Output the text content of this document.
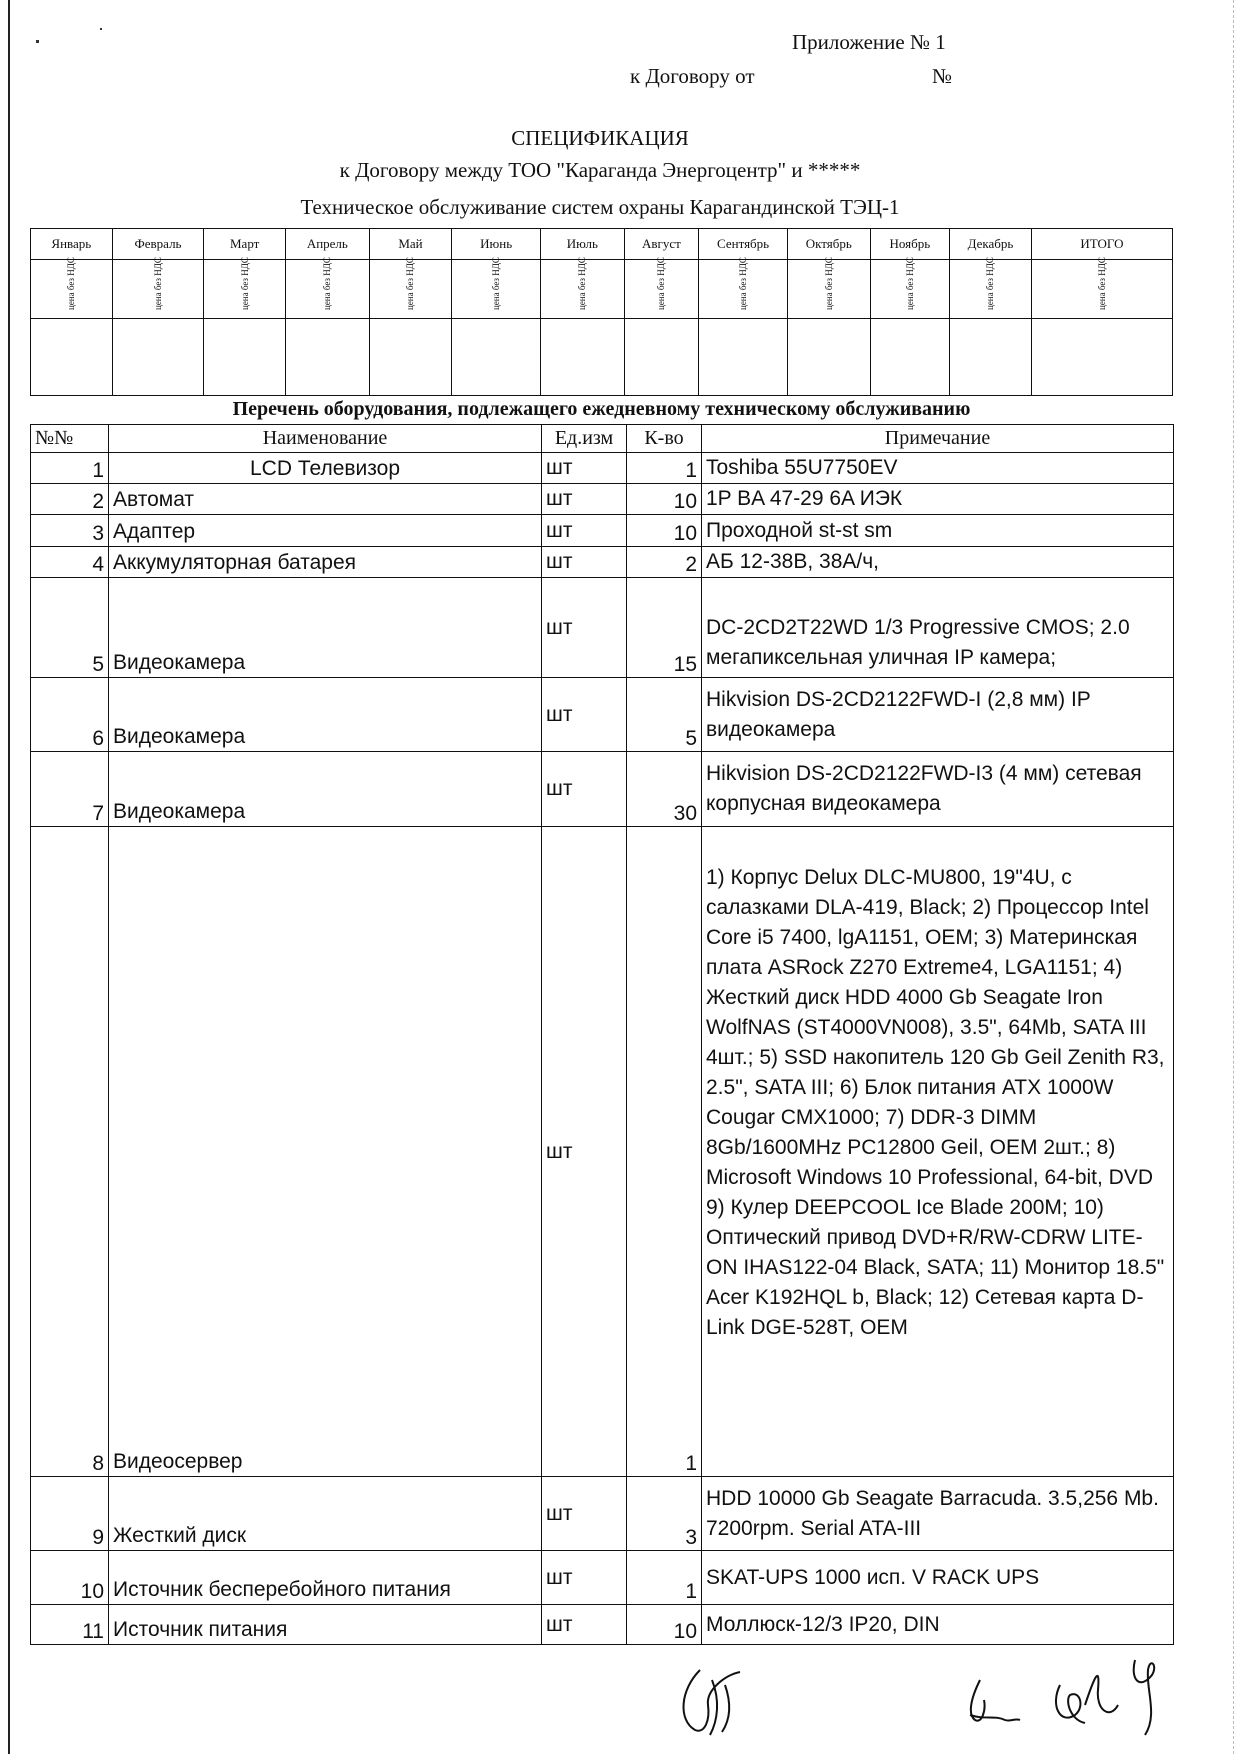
Приложение № 1
к Договору от	№
СПЕЦИФИКАЦИЯ
к Договору между ТОО "Караганда Энергоцентр" и *****
Техническое обслуживание систем охраны Карагандинской ТЭЦ-1
Январь	Февраль	Март	Апрель	Май	Июнь	Июль	Август	Сентябрь	Октябрь	Ноябрь	Декабрь	ИТОГО
цена без НДС	цена без НДС	цена без НДС	цена без НДС	цена без НДС	цена без НДС	цена без НДС	цена без НДС	цена без НДС	цена без НДС	цена без НДС	цена без НДС	цена без НДС

Перечень оборудования, подлежащего ежедневному техническому обслуживанию
№№	Наименование	Ед.изм	К-во	Примечание
1	LCD Телевизор	шт	1	Toshiba 55U7750EV
2	Автомат	шт	10	1P BA 47-29 6A ИЭК
3	Адаптер	шт	10	Проходной st-st sm
4	Аккумуляторная батарея	шт	2	АБ 12-38В, 38А/ч,
5	Видеокамера	шт	15	DC-2CD2T22WD 1/3 Progressive CMOS; 2.0 мегапиксельная уличная IP камера;
6	Видеокамера	шт	5	Hikvision DS-2CD2122FWD-I (2,8 мм) IP видеокамера
7	Видеокамера	шт	30	Hikvision DS-2CD2122FWD-I3 (4 мм) сетевая корпусная видеокамера
8	Видеосервер	шт	1	1) Корпус Delux DLC-MU800, 19"4U, с салазками DLA-419, Black; 2) Процессор Intel Core i5 7400, lgA1151, OEM; 3) Материнская плата ASRock Z270 Extreme4, LGA1151; 4) Жесткий диск HDD 4000 Gb Seagate Iron WolfNAS (ST4000VN008), 3.5", 64Mb, SATA III 4шт.; 5) SSD накопитель 120 Gb Geil Zenith R3, 2.5", SATA III; 6) Блок питания ATX 1000W Cougar CMX1000; 7) DDR-3 DIMM 8Gb/1600MHz PC12800 Geil, OEM 2шт.; 8) Microsoft Windows 10 Professional, 64-bit, DVD 9) Кулер DEEPCOOL Ice Blade 200M; 10) Оптический привод DVD+R/RW-CDRW LITE-ON IHAS122-04 Black, SATA; 11) Монитор 18.5" Acer K192HQL b, Black; 12) Сетевая карта D-Link DGE-528T, OEM
9	Жесткий диск	шт	3	HDD 10000 Gb Seagate Barracuda. 3.5,256 Mb. 7200rpm. Serial ATA-III
10	Источник бесперебойного питания	шт	1	SKAT-UPS 1000 исп. V RACK UPS
11	Источник питания	шт	10	Моллюск-12/3 IP20, DIN
